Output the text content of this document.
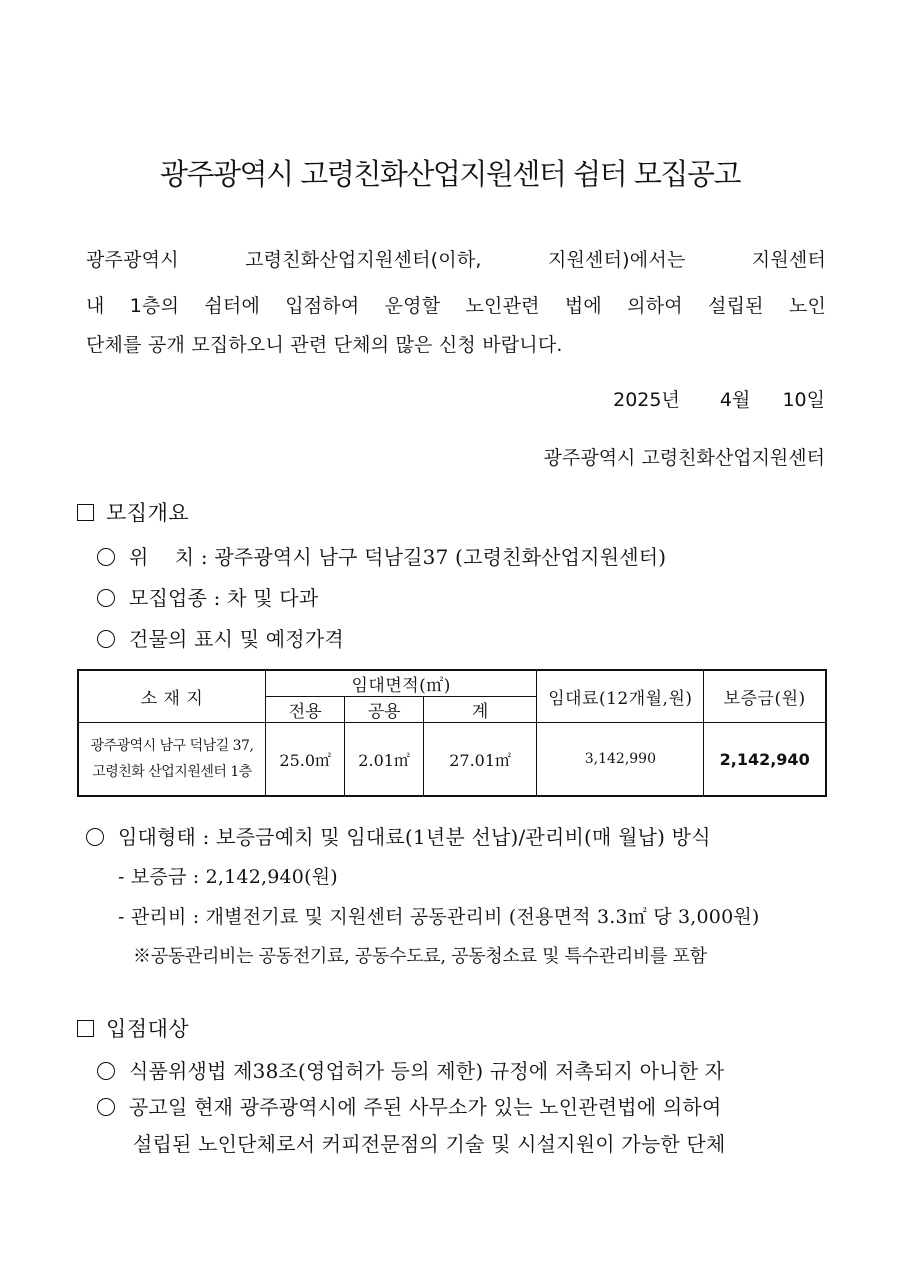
광주광역시 고령친화산업지원센터 쉼터 모집공고
광주광역시 고령친화산업지원센터(이하, 지원센터)에서는 지원센터
내 1층의 쉼터에 입점하여 운영할 노인관련 법에 의하여 설립된 노인
단체를 공개 모집하오니 관련 단체의 많은 신청 바랍니다.
2025년 4월 10일
광주광역시 고령친화산업지원센터
모집개요
위    치 : 광주광역시 남구 덕남길37 (고령친화산업지원센터)
모집업종 : 차 및 다과
건물의 표시 및 예정가격
소 재 지	임대면적(㎡)			임대료(12개월,원)	보증금(원)
	전용	공용	계		

광주광역시 남구 덕남길 37,
고령친화 산업지원센터 1층	25.0㎡	2.01㎡	27.01㎡	3,142,990	2,142,940
임대형태 : 보증금예치 및 임대료(1년분 선납)/관리비(매 월납) 방식
- 보증금 : 2,142,940(원)
- 관리비 : 개별전기료 및 지원센터 공동관리비 (전용면적 3.3㎡ 당 3,000원)
※공동관리비는 공동전기료, 공동수도료, 공동청소료 및 특수관리비를 포함
입점대상
식품위생법 제38조(영업허가 등의 제한) 규정에 저촉되지 아니한 자
공고일 현재 광주광역시에 주된 사무소가 있는 노인관련법에 의하여
설립된 노인단체로서 커피전문점의 기술 및 시설지원이 가능한 단체
